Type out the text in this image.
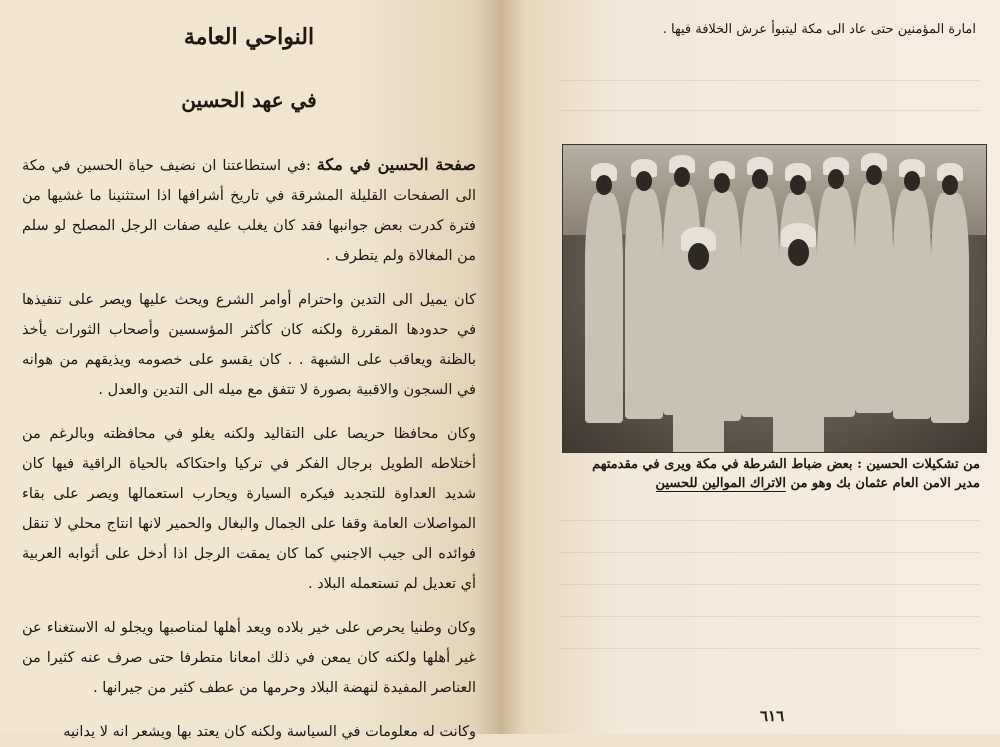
النواحي العامة
في عهد الحسين

صفحة الحسين في مكة :في استطاعتنا ان نضيف حياة الحسين في مكة الى الصفحات القليلة المشرقة في تاريخ أشرافها اذا استثنينا ما غشيها من فترة كدرت بعض جوانبها فقد كان يغلب عليه صفات الرجل المصلح لو سلم من المغالاة ولم يتطرف .

كان يميل الى التدين واحترام أوامر الشرع ويحث عليها ويصر على تنفيذها في حدودها المقررة ولكنه كان كأكثر المؤسسين وأصحاب الثورات يأخذ بالظنة ويعاقب على الشبهة . . كان يقسو على خصومه ويذيقهم من هوانه في السجون والاقبية بصورة لا تتفق مع ميله الى التدين والعدل .

وكان محافظا حريصا على التقاليد ولكنه يغلو في محافظته وبالرغم من أختلاطه الطويل برجال الفكر في تركيا واحتكاكه بالحياة الراقية فيها كان شديد العداوة للتجديد فيكره السيارة ويحارب استعمالها ويصر على بقاء المواصلات العامة وقفا على الجمال والبغال والحمير لانها انتاج محلي لا تنقل فوائده الى جيب الاجنبي كما كان يمقت الرجل اذا أدخل على أثوابه العربية أي تعديل لم تستعمله البلاد .

وكان وطنيا يحرص على خير بلاده ويعد أهلها لمناصبها ويجلو له الاستغناء عن غير أهلها ولكنه كان يمعن في ذلك امعانا متطرفا حتى صرف عنه كثيرا من العناصر المفيدة لنهضة البلاد وحرمها من عطف كثير من جيرانها .

وكانت له معلومات في السياسة ولكنه كان يعتد بها ويشعر انه لا يدانيه

امارة المؤمنين حتى عاد الى مكة ليتبوأ عرش الخلافة فيها .

من تشكيلات الحسين : بعض ضباط الشرطة في مكة ويرى في مقدمتهم

مدير الامن العام عثمان بك وهو من الاتراك الموالين للحسين

٦١٦
